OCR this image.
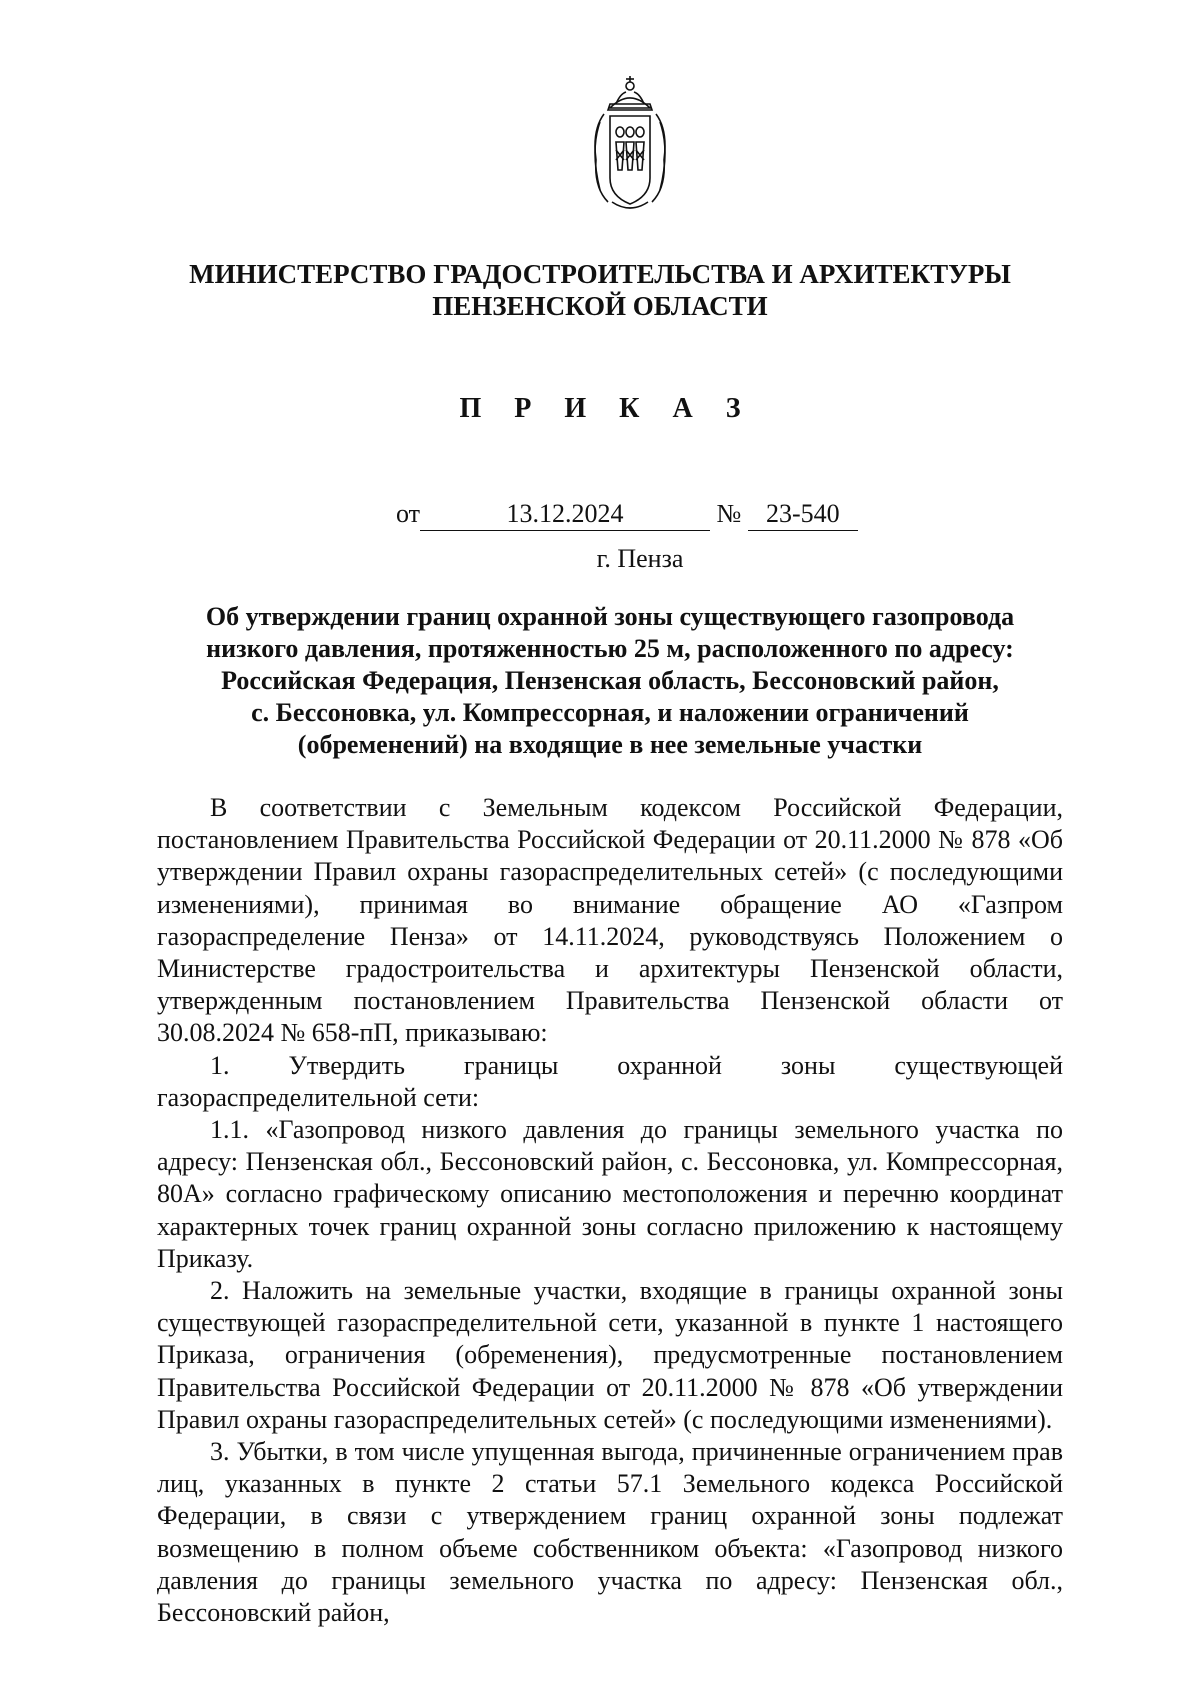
МИНИСТЕРСТВО ГРАДОСТРОИТЕЛЬСТВА И АРХИТЕКТУРЫ
ПЕНЗЕНСКОЙ ОБЛАСТИ
П Р И К А З
от	13.12.2024	№ 23-540
г. Пенза
Об утверждении границ охранной зоны существующего газопровода
низкого давления, протяженностью 25 м, расположенного по адресу:
Российская Федерация, Пензенская область, Бессоновский район,
с. Бессоновка, ул. Компрессорная, и наложении ограничений
(обременений) на входящие в нее земельные участки

В соответствии с Земельным кодексом Российской Федерации, постановлением Правительства Российской Федерации от 20.11.2000 № 878 «Об утверждении Правил охраны газораспределительных сетей» (с последующими изменениями), принимая во внимание обращение АО «Газпром газораспределение Пенза» от 14.11.2024, руководствуясь Положением о Министерстве градостроительства и архитектуры Пензенской области, утвержденным постановлением Правительства Пензенской области от 30.08.2024 № 658-пП, приказываю:

1. Утвердить границы охранной зоны существующей газораспределительной сети:

1.1. «Газопровод низкого давления до границы земельного участка по адресу: Пензенская обл., Бессоновский район, с. Бессоновка, ул. Компрессорная, 80А» согласно графическому описанию местоположения и перечню координат характерных точек границ охранной зоны согласно приложению к настоящему Приказу.

2. Наложить на земельные участки, входящие в границы охранной зоны существующей газораспределительной сети, указанной в пункте 1 настоящего Приказа, ограничения (обременения), предусмотренные постановлением Правительства Российской Федерации от 20.11.2000 № 878 «Об утверждении Правил охраны газораспределительных сетей» (с последующими изменениями).

3. Убытки, в том числе упущенная выгода, причиненные ограничением прав лиц, указанных в пункте 2 статьи 57.1 Земельного кодекса Российской Федерации, в связи с утверждением границ охранной зоны подлежат возмещению в полном объеме собственником объекта: «Газопровод низкого давления до границы земельного участка по адресу: Пензенская обл., Бессоновский район,
